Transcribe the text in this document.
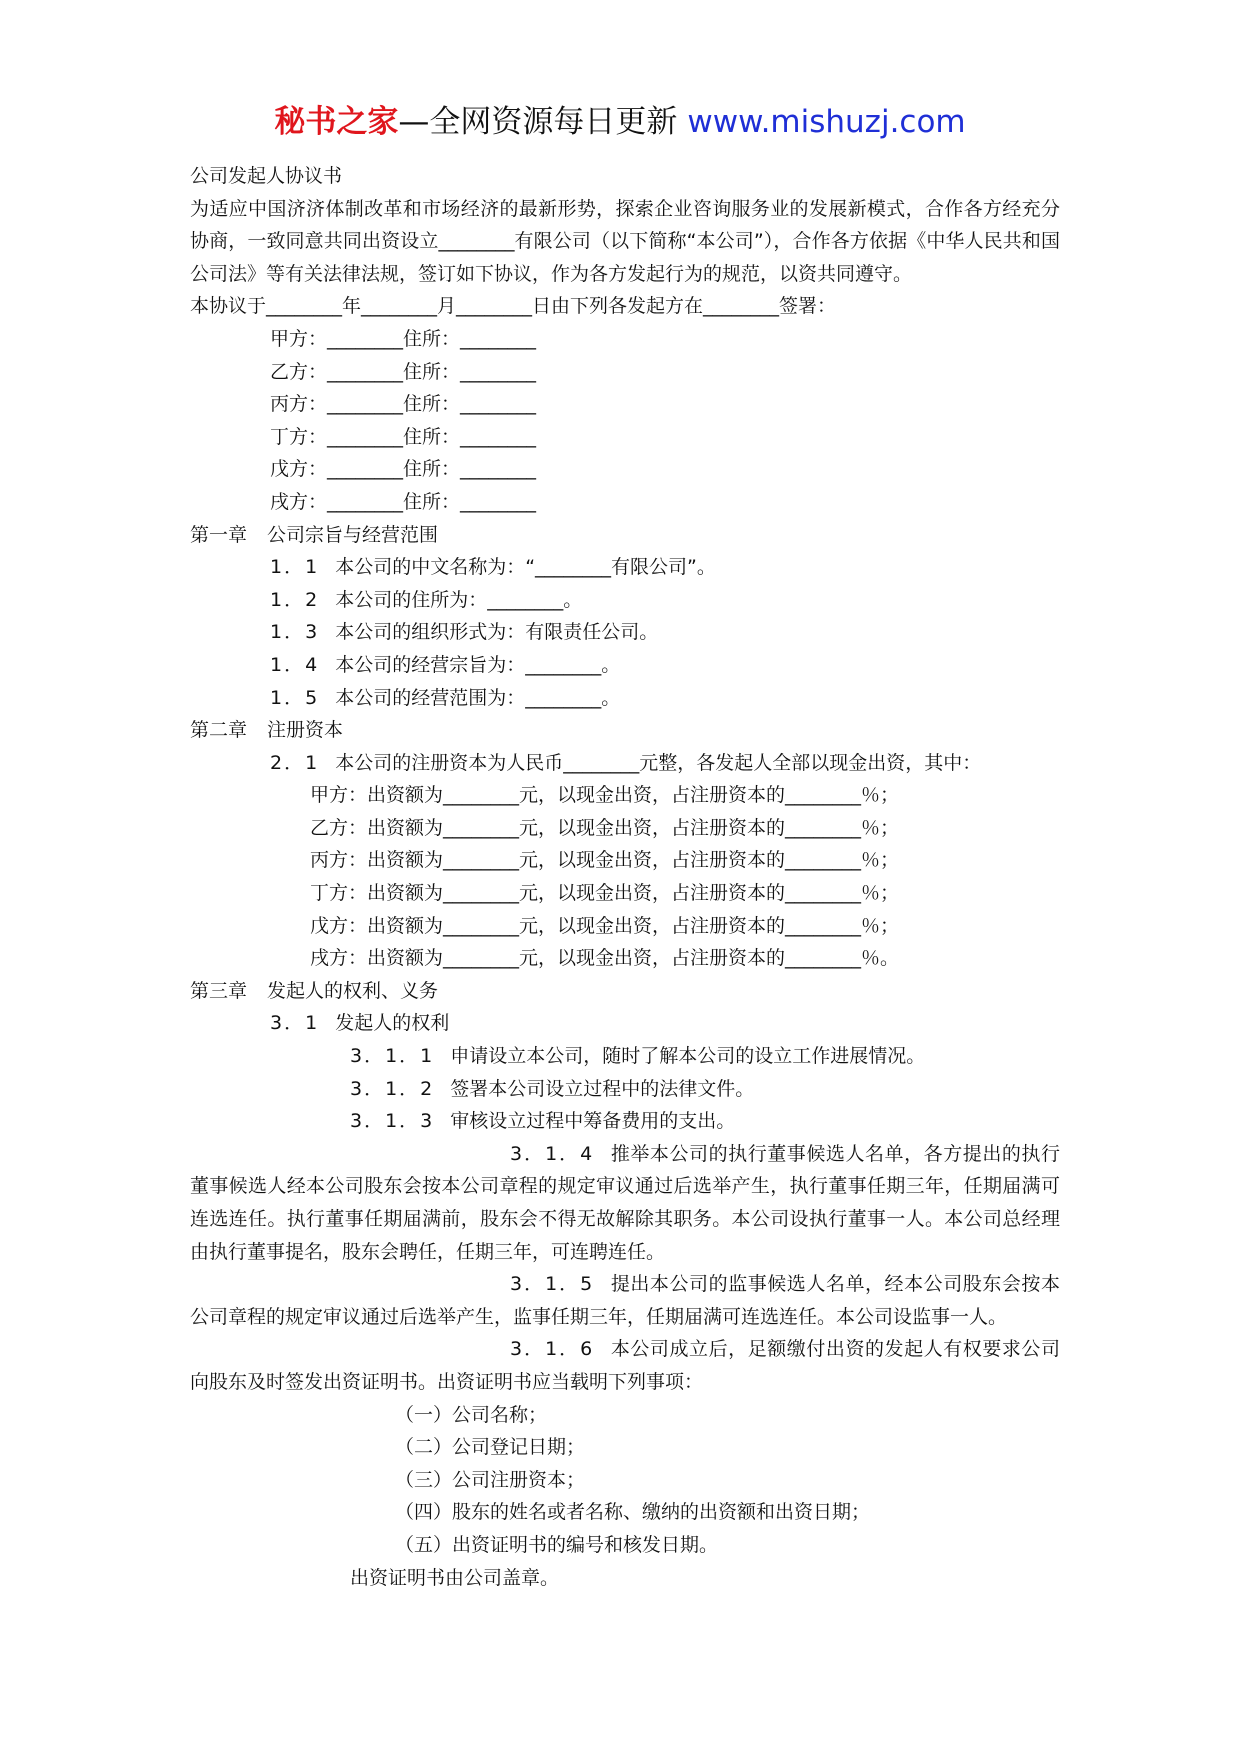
秘书之家—全网资源每日更新 www.mishuzj.com

公司发起人协议书

为适应中国济济体制改革和市场经济的最新形势，探索企业咨询服务业的发展新模式，合作各方经充分协商，一致同意共同出资设立________有限公司（以下简称“本公司”），合作各方依据《中华人民共和国公司法》等有关法律法规，签订如下协议，作为各方发起行为的规范，以资共同遵守。

本协议于________年________月________日由下列各发起方在________签署：

甲方：________住所：________

乙方：________住所：________

丙方：________住所：________

丁方：________住所：________

戊方：________住所：________

戌方：________住所：________

第一章 公司宗旨与经营范围

1．1 本公司的中文名称为：“________有限公司”。

1．2 本公司的住所为：________。

1．3 本公司的组织形式为：有限责任公司。

1．4 本公司的经营宗旨为：________。

1．5 本公司的经营范围为：________。

第二章 注册资本

2．1 本公司的注册资本为人民币________元整，各发起人全部以现金出资，其中：

甲方：出资额为________元，以现金出资，占注册资本的________％；

乙方：出资额为________元，以现金出资，占注册资本的________％；

丙方：出资额为________元，以现金出资，占注册资本的________％；

丁方：出资额为________元，以现金出资，占注册资本的________％；

戊方：出资额为________元，以现金出资，占注册资本的________％；

戌方：出资额为________元，以现金出资，占注册资本的________％。

第三章 发起人的权利、义务

3．1 发起人的权利

3．1．1 申请设立本公司，随时了解本公司的设立工作进展情况。

3．1．2 签署本公司设立过程中的法律文件。

3．1．3 审核设立过程中筹备费用的支出。

3．1．4 推举本公司的执行董事候选人名单，各方提出的执行董事候选人经本公司股东会按本公司章程的规定审议通过后选举产生，执行董事任期三年，任期届满可连选连任。执行董事任期届满前，股东会不得无故解除其职务。本公司设执行董事一人。本公司总经理由执行董事提名，股东会聘任，任期三年，可连聘连任。

3．1．5 提出本公司的监事候选人名单，经本公司股东会按本公司章程的规定审议通过后选举产生，监事任期三年，任期届满可连选连任。本公司设监事一人。

3．1．6 本公司成立后，足额缴付出资的发起人有权要求公司向股东及时签发出资证明书。出资证明书应当载明下列事项：

（一）公司名称；

（二）公司登记日期；

（三）公司注册资本；

（四）股东的姓名或者名称、缴纳的出资额和出资日期；

（五）出资证明书的编号和核发日期。

出资证明书由公司盖章。
